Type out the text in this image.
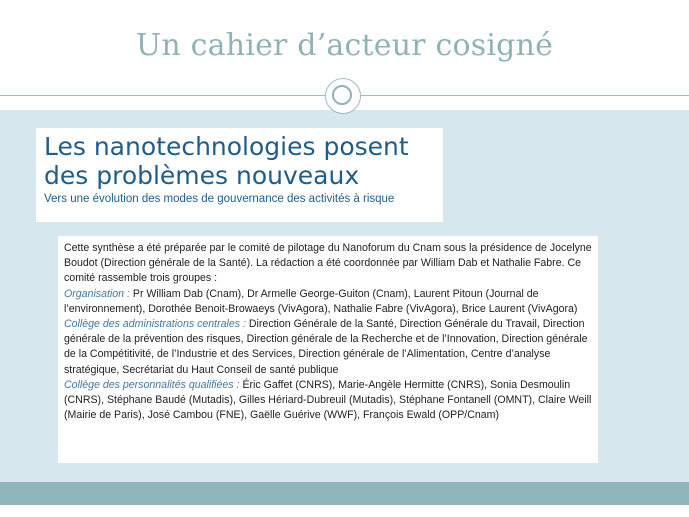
Un cahier d’acteur cosigné
Les nanotechnologies posent
des problèmes nouveaux
Vers une évolution des modes de gouvernance des activités à risque

Cette synthèse a été préparée par le comité de pilotage du Nanoforum du Cnam sous la présidence de Jocelyne Boudot (Direction générale de la Santé). La rédaction a été coordonnée par William Dab et Nathalie Fabre. Ce comité rassemble trois groupes :

Organisation : Pr William Dab (Cnam), Dr Armelle George-Guiton (Cnam), Laurent Pitoun (Journal de l’environnement), Dorothée Benoit-Browaeys (VivAgora), Nathalie Fabre (VivAgora), Brice Laurent (VivAgora)

Collège des administrations centrales : Direction Générale de la Santé, Direction Générale du Travail, Direction générale de la prévention des risques, Direction générale de la Recherche et de l’Innovation, Direction générale de la Compétitivité, de l’Industrie et des Services, Direction générale de l’Alimentation, Centre d’analyse stratégique, Secrétariat du Haut Conseil de santé publique

Collège des personnalités qualifiées : Éric Gaffet (CNRS), Marie-Angèle Hermitte (CNRS), Sonia Desmoulin (CNRS), Stéphane Baudé (Mutadis), Gilles Hériard-Dubreuil (Mutadis), Stéphane Fontanell (OMNT), Claire Weill (Mairie de Paris), José Cambou (FNE), Gaëlle Guérive (WWF), François Ewald (OPP/Cnam)
